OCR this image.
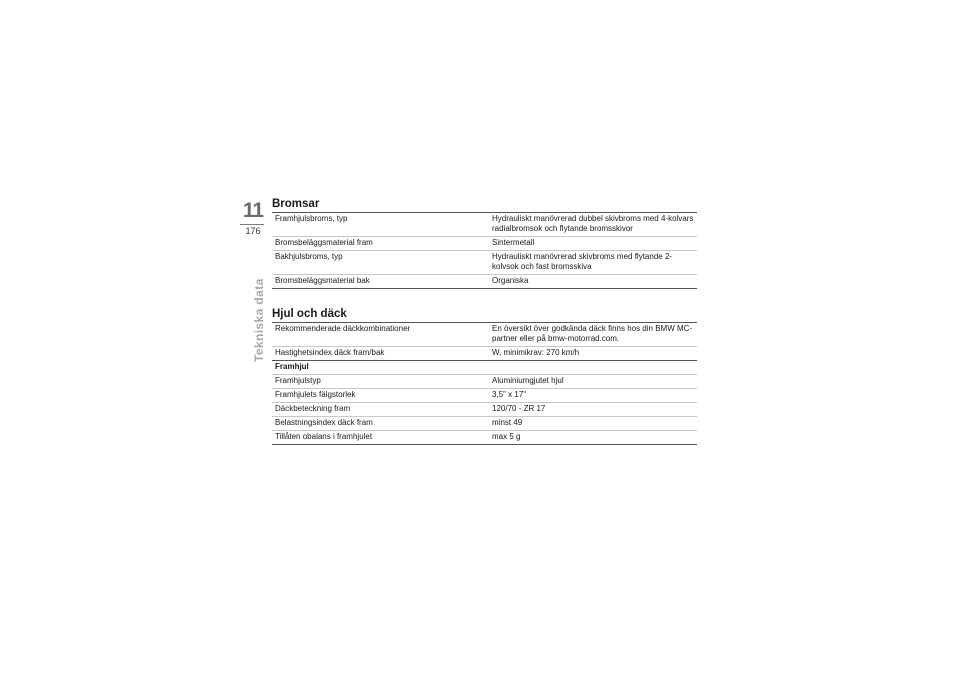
11
176
Tekniska data
Bromsar
Framhjulsbroms, typ	Hydrauliskt manövrerad dubbel skivbroms med 4-kolvars radialbromsok och flytande bromsskivor
Bromsbeläggsmaterial fram	Sintermetall
Bakhjulsbroms, typ	Hydrauliskt manövrerad skivbroms med flytande 2-kolvsok och fast bromsskiva
Bromsbeläggsmaterial bak	Organiska
Hjul och däck
Rekommenderade däckkombinationer	En översikt över godkända däck finns hos din BMW MC-partner eller på bmw-motorrad.com.
Hastighetsindex däck fram/bak	W, minimikrav: 270 km/h
Framhjul
Framhjulstyp	Aluminiumgjutet hjul
Framhjulets fälgstorlek	3,5" x 17"
Däckbeteckning fram	120/70 - ZR 17
Belastningsindex däck fram	minst 49
Tillåten obalans i framhjulet	max 5 g
